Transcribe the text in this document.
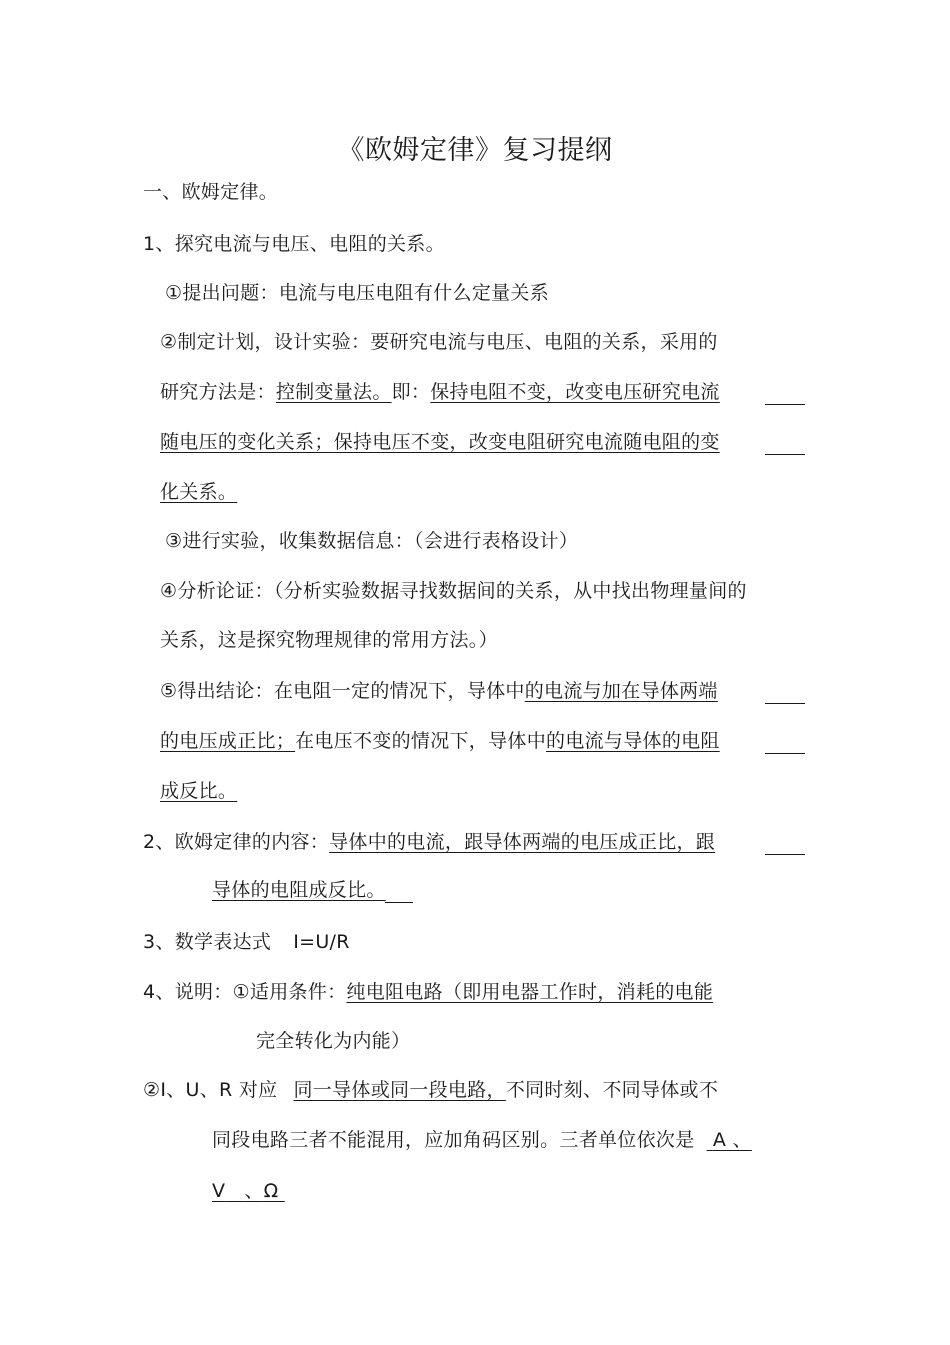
《欧姆定律》复习提纲
一、欧姆定律。
1、探究电流与电压、电阻的关系。
①提出问题：电流与电压电阻有什么定量关系
②制定计划，设计实验：要研究电流与电压、电阻的关系，采用的
研究方法是：控制变量法。即：保持电阻不变，改变电压研究电流
随电压的变化关系；保持电压不变，改变电阻研究电流随电阻的变
化关系。
③进行实验，收集数据信息：（会进行表格设计）
④分析论证：（分析实验数据寻找数据间的关系，从中找出物理量间的
关系，这是探究物理规律的常用方法。）
⑤得出结论：在电阻一定的情况下，导体中的电流与加在导体两端
的电压成正比；在电压不变的情况下，导体中的电流与导体的电阻
成反比。
2、欧姆定律的内容：导体中的电流，跟导体两端的电压成正比，跟
导体的电阻成反比。
3、数学表达式 I=U/R
4、说明：①适用条件：纯电阻电路（即用电器工作时，消耗的电能
完全转化为内能）
②I、U、R 对应 同一导体或同一段电路，不同时刻、不同导体或不
同段电路三者不能混用，应加角码区别。三者单位依次是 A 、
V 、Ω
